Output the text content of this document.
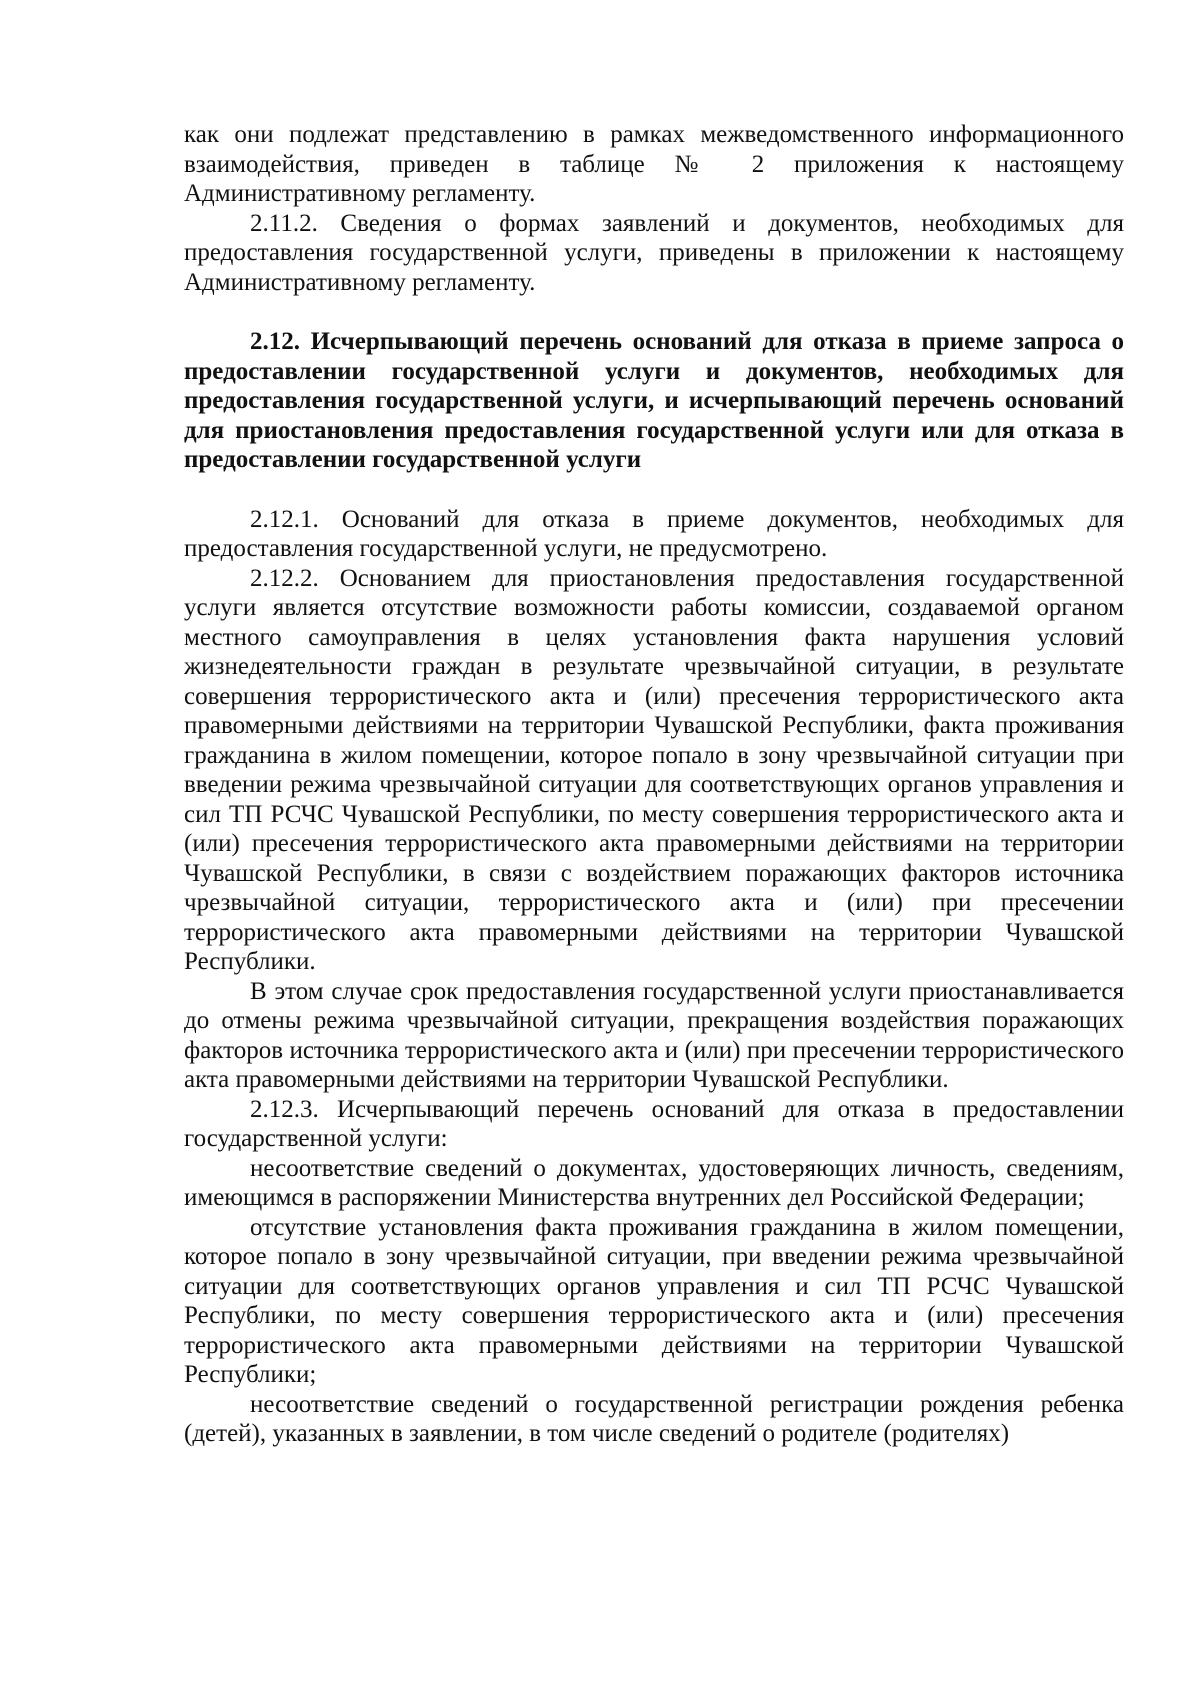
как они подлежат представлению в рамках межведомственного информационного взаимодействия, приведен в таблице № 2 приложения к настоящему Административному регламенту.

2.11.2. Сведения о формах заявлений и документов, необходимых для предоставления государственной услуги, приведены в приложении к настоящему Административному регламенту.

2.12. Исчерпывающий перечень оснований для отказа в приеме запроса о предоставлении государственной услуги и документов, необходимых для предоставления государственной услуги, и исчерпывающий перечень оснований для приостановления предоставления государственной услуги или для отказа в предоставлении государственной услуги

2.12.1. Оснований для отказа в приеме документов, необходимых для предоставления государственной услуги, не предусмотрено.

2.12.2. Основанием для приостановления предоставления государственной услуги является отсутствие возможности работы комиссии, создаваемой органом местного самоуправления в целях установления факта нарушения условий жизнедеятельности граждан в результате чрезвычайной ситуации, в результате совершения террористического акта и (или) пресечения террористического акта правомерными действиями на территории Чувашской Республики, факта проживания гражданина в жилом помещении, которое попало в зону чрезвычайной ситуации при введении режима чрезвычайной ситуации для соответствующих органов управления и сил ТП РСЧС Чувашской Республики, по месту совершения террористического акта и (или) пресечения террористического акта правомерными действиями на территории Чувашской Республики, в связи с воздействием поражающих факторов источника чрезвычайной ситуации, террористического акта и (или) при пресечении террористического акта правомерными действиями на территории Чувашской Республики.

В этом случае срок предоставления государственной услуги приостанавливается до отмены режима чрезвычайной ситуации, прекращения воздействия поражающих факторов источника террористического акта и (или) при пресечении террористического акта правомерными действиями на территории Чувашской Республики.

2.12.3. Исчерпывающий перечень оснований для отказа в предоставлении государственной услуги:

несоответствие сведений о документах, удостоверяющих личность, сведениям, имеющимся в распоряжении Министерства внутренних дел Российской Федерации;

отсутствие установления факта проживания гражданина в жилом помещении, которое попало в зону чрезвычайной ситуации, при введении режима чрезвычайной ситуации для соответствующих органов управления и сил ТП РСЧС Чувашской Республики, по месту совершения террористического акта и (или) пресечения террористического акта правомерными действиями на территории Чувашской Республики;

несоответствие сведений о государственной регистрации рождения ребенка (детей), указанных в заявлении, в том числе сведений о родителе (родителях)
